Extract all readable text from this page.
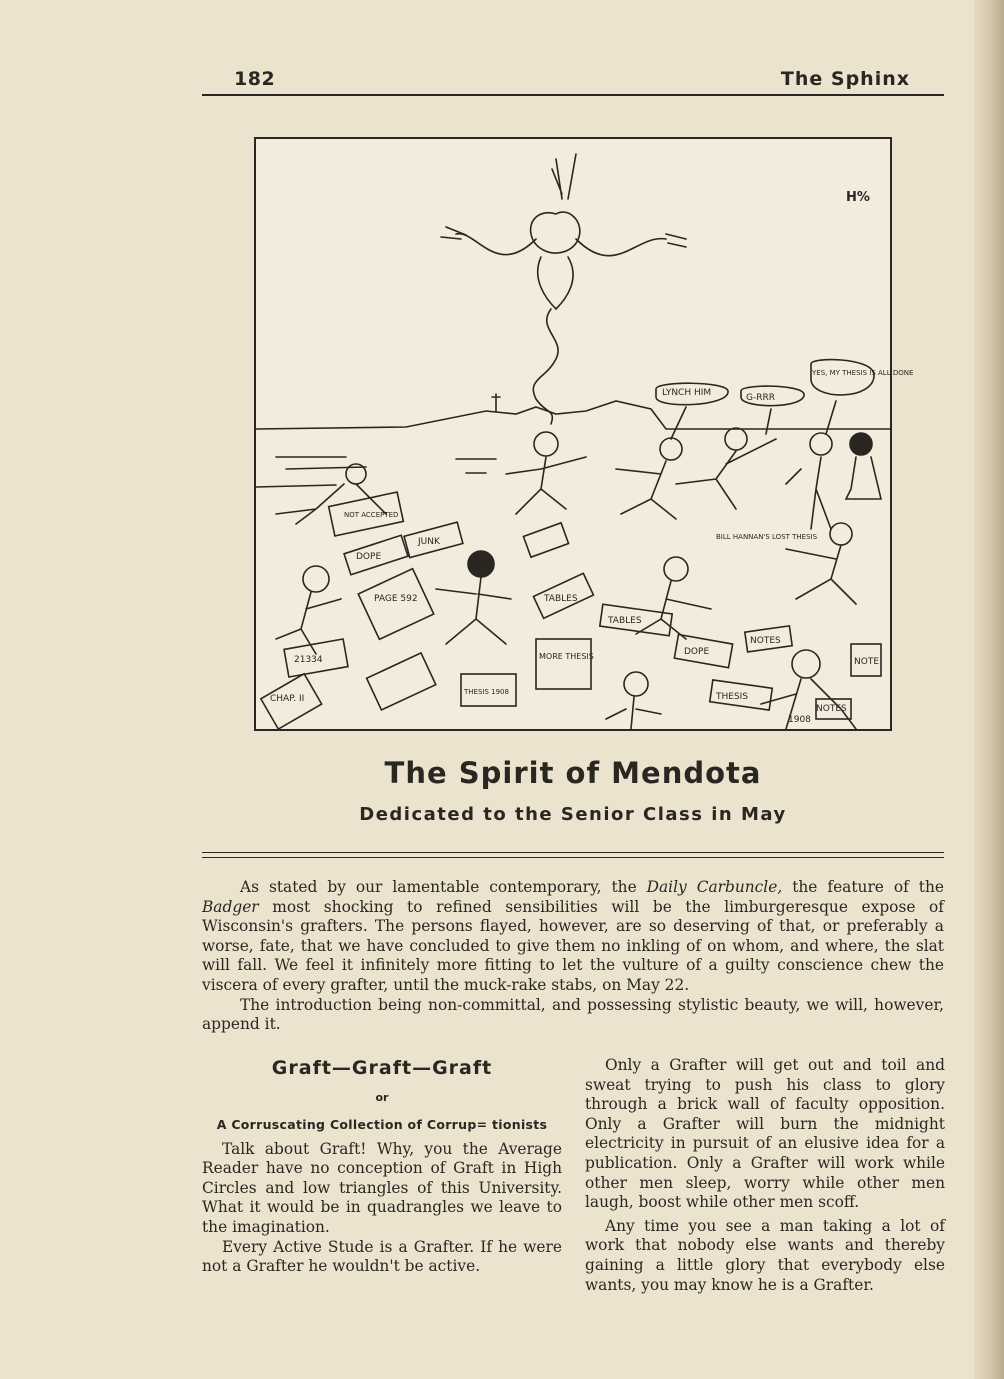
182	The Sphinx
H%
LYNCH HIM	G-RRR
YES, MY THESIS IS ALL DONE
NOT ACCEPTED
JUNK
DOPE
PAGE 592	TABLES
TABLES
MORE THESIS
THESIS 1908
BILL HANNAN'S LOST THESIS
NOTES
NOTES
NOTE
DOPE
THESIS
1908
CHAP. II
21334
The Spirit of Mendota
Dedicated to the Senior Class in May

As stated by our lamentable contemporary, the Daily Carbuncle, the feature of the Badger most shocking to refined sensibilities will be the limburgeresque expose of Wisconsin's grafters. The persons flayed, however, are so deserving of that, or preferably a worse, fate, that we have concluded to give them no inkling of on whom, and where, the slat will fall. We feel it infinitely more fitting to let the vulture of a guilty conscience chew the viscera of every grafter, until the muck-rake stabs, on May 22.

The introduction being non-committal, and possessing stylistic beauty, we will, however, append it.

Graft—Graft—Graft
or
A Corruscating Collection of Corrup= tionists

Talk about Graft! Why, you the Average Reader have no conception of Graft in High Circles and low triangles of this University. What it would be in quadrangles we leave to the imagination.

Every Active Stude is a Grafter. If he were not a Grafter he wouldn't be active.

Only a Grafter will get out and toil and sweat trying to push his class to glory through a brick wall of faculty opposition. Only a Grafter will burn the midnight electricity in pursuit of an elusive idea for a publication. Only a Grafter will work while other men sleep, worry while other men laugh, boost while other men scoff.

Any time you see a man taking a lot of work that nobody else wants and thereby gaining a little glory that everybody else wants, you may know he is a Grafter.
